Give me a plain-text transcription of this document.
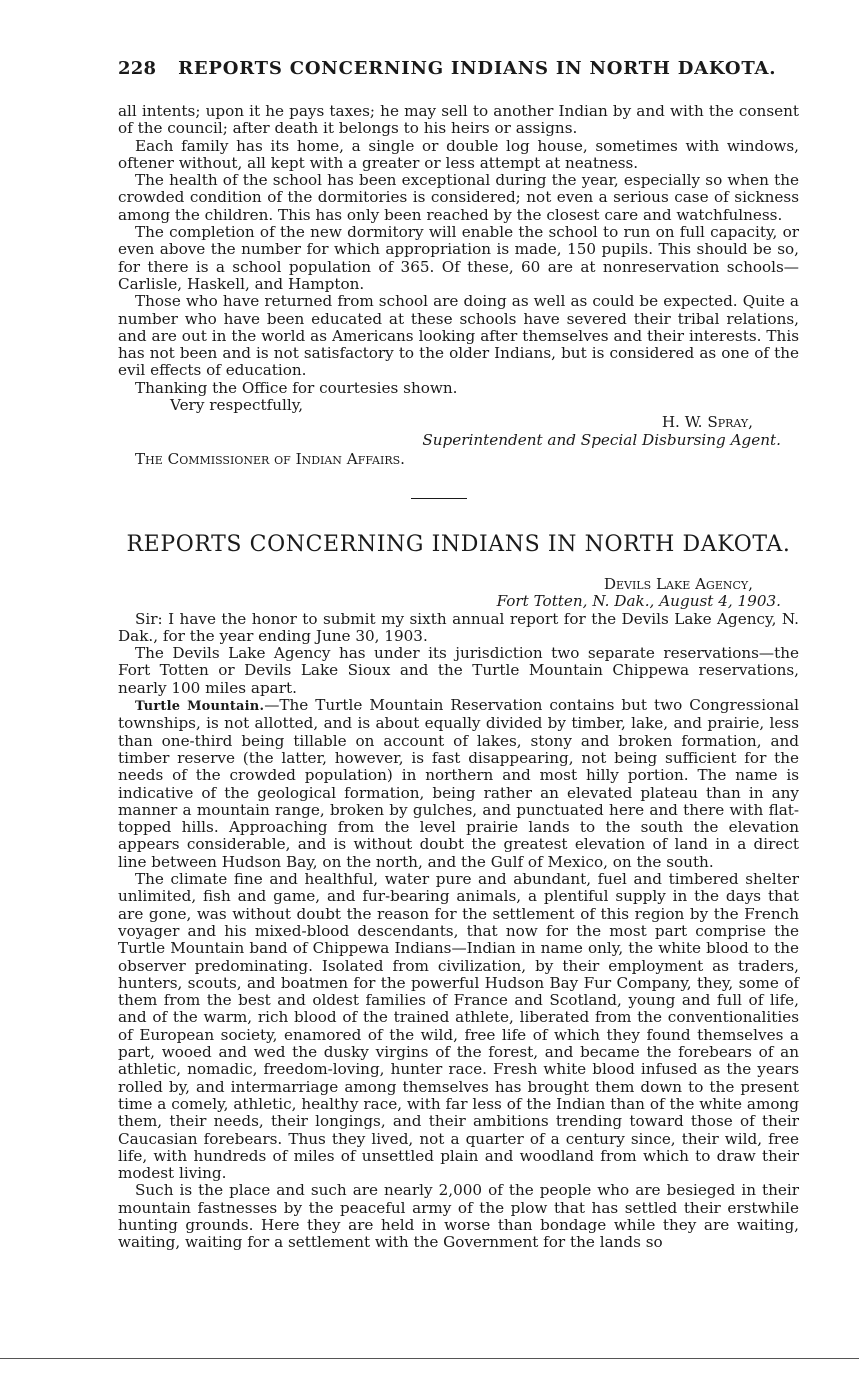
228 REPORTS CONCERNING INDIANS IN NORTH DAKOTA.

all intents; upon it he pays taxes; he may sell to another Indian by and with the consent of the council; after death it belongs to his heirs or assigns.

Each family has its home, a single or double log house, sometimes with windows, oftener without, all kept with a greater or less attempt at neatness.

The health of the school has been exceptional during the year, especially so when the crowded condition of the dormitories is considered; not even a serious case of sickness among the children. This has only been reached by the closest care and watchfulness.

The completion of the new dormitory will enable the school to run on full capacity, or even above the number for which appropriation is made, 150 pupils. This should be so, for there is a school population of 365. Of these, 60 are at nonreservation schools—Carlisle, Haskell, and Hampton.

Those who have returned from school are doing as well as could be expected. Quite a number who have been educated at these schools have severed their tribal relations, and are out in the world as Americans looking after themselves and their interests. This has not been and is not satisfactory to the older Indians, but is considered as one of the evil effects of education.

Thanking the Office for courtesies shown.

Very respectfully,

H. W. Spray,
Superintendent and Special Disbursing Agent.

The Commissioner of Indian Affairs.

REPORTS CONCERNING INDIANS IN NORTH DAKOTA.
Devils Lake Agency,
Fort Totten, N. Dak., August 4, 1903.

Sir: I have the honor to submit my sixth annual report for the Devils Lake Agency, N. Dak., for the year ending June 30, 1903.

The Devils Lake Agency has under its jurisdiction two separate reservations—the Fort Totten or Devils Lake Sioux and the Turtle Mountain Chippewa reservations, nearly 100 miles apart.

Turtle Mountain.—The Turtle Mountain Reservation contains but two Congressional townships, is not allotted, and is about equally divided by timber, lake, and prairie, less than one-third being tillable on account of lakes, stony and broken formation, and timber reserve (the latter, however, is fast disappearing, not being sufficient for the needs of the crowded population) in northern and most hilly portion. The name is indicative of the geological formation, being rather an elevated plateau than in any manner a mountain range, broken by gulches, and punctuated here and there with flat-topped hills. Approaching from the level prairie lands to the south the elevation appears considerable, and is without doubt the greatest elevation of land in a direct line between Hudson Bay, on the north, and the Gulf of Mexico, on the south.

The climate fine and healthful, water pure and abundant, fuel and timbered shelter unlimited, fish and game, and fur-bearing animals, a plentiful supply in the days that are gone, was without doubt the reason for the settlement of this region by the French voyager and his mixed-blood descendants, that now for the most part comprise the Turtle Mountain band of Chippewa Indians—Indian in name only, the white blood to the observer predominating. Isolated from civilization, by their employment as traders, hunters, scouts, and boatmen for the powerful Hudson Bay Fur Company, they, some of them from the best and oldest families of France and Scotland, young and full of life, and of the warm, rich blood of the trained athlete, liberated from the conventionalities of European society, enamored of the wild, free life of which they found themselves a part, wooed and wed the dusky virgins of the forest, and became the forebears of an athletic, nomadic, freedom-loving, hunter race. Fresh white blood infused as the years rolled by, and intermarriage among themselves has brought them down to the present time a comely, athletic, healthy race, with far less of the Indian than of the white among them, their needs, their longings, and their ambitions trending toward those of their Caucasian forebears. Thus they lived, not a quarter of a century since, their wild, free life, with hundreds of miles of unsettled plain and woodland from which to draw their modest living.

Such is the place and such are nearly 2,000 of the people who are besieged in their mountain fastnesses by the peaceful army of the plow that has settled their erstwhile hunting grounds. Here they are held in worse than bondage while they are waiting, waiting, waiting for a settlement with the Government for the lands so
